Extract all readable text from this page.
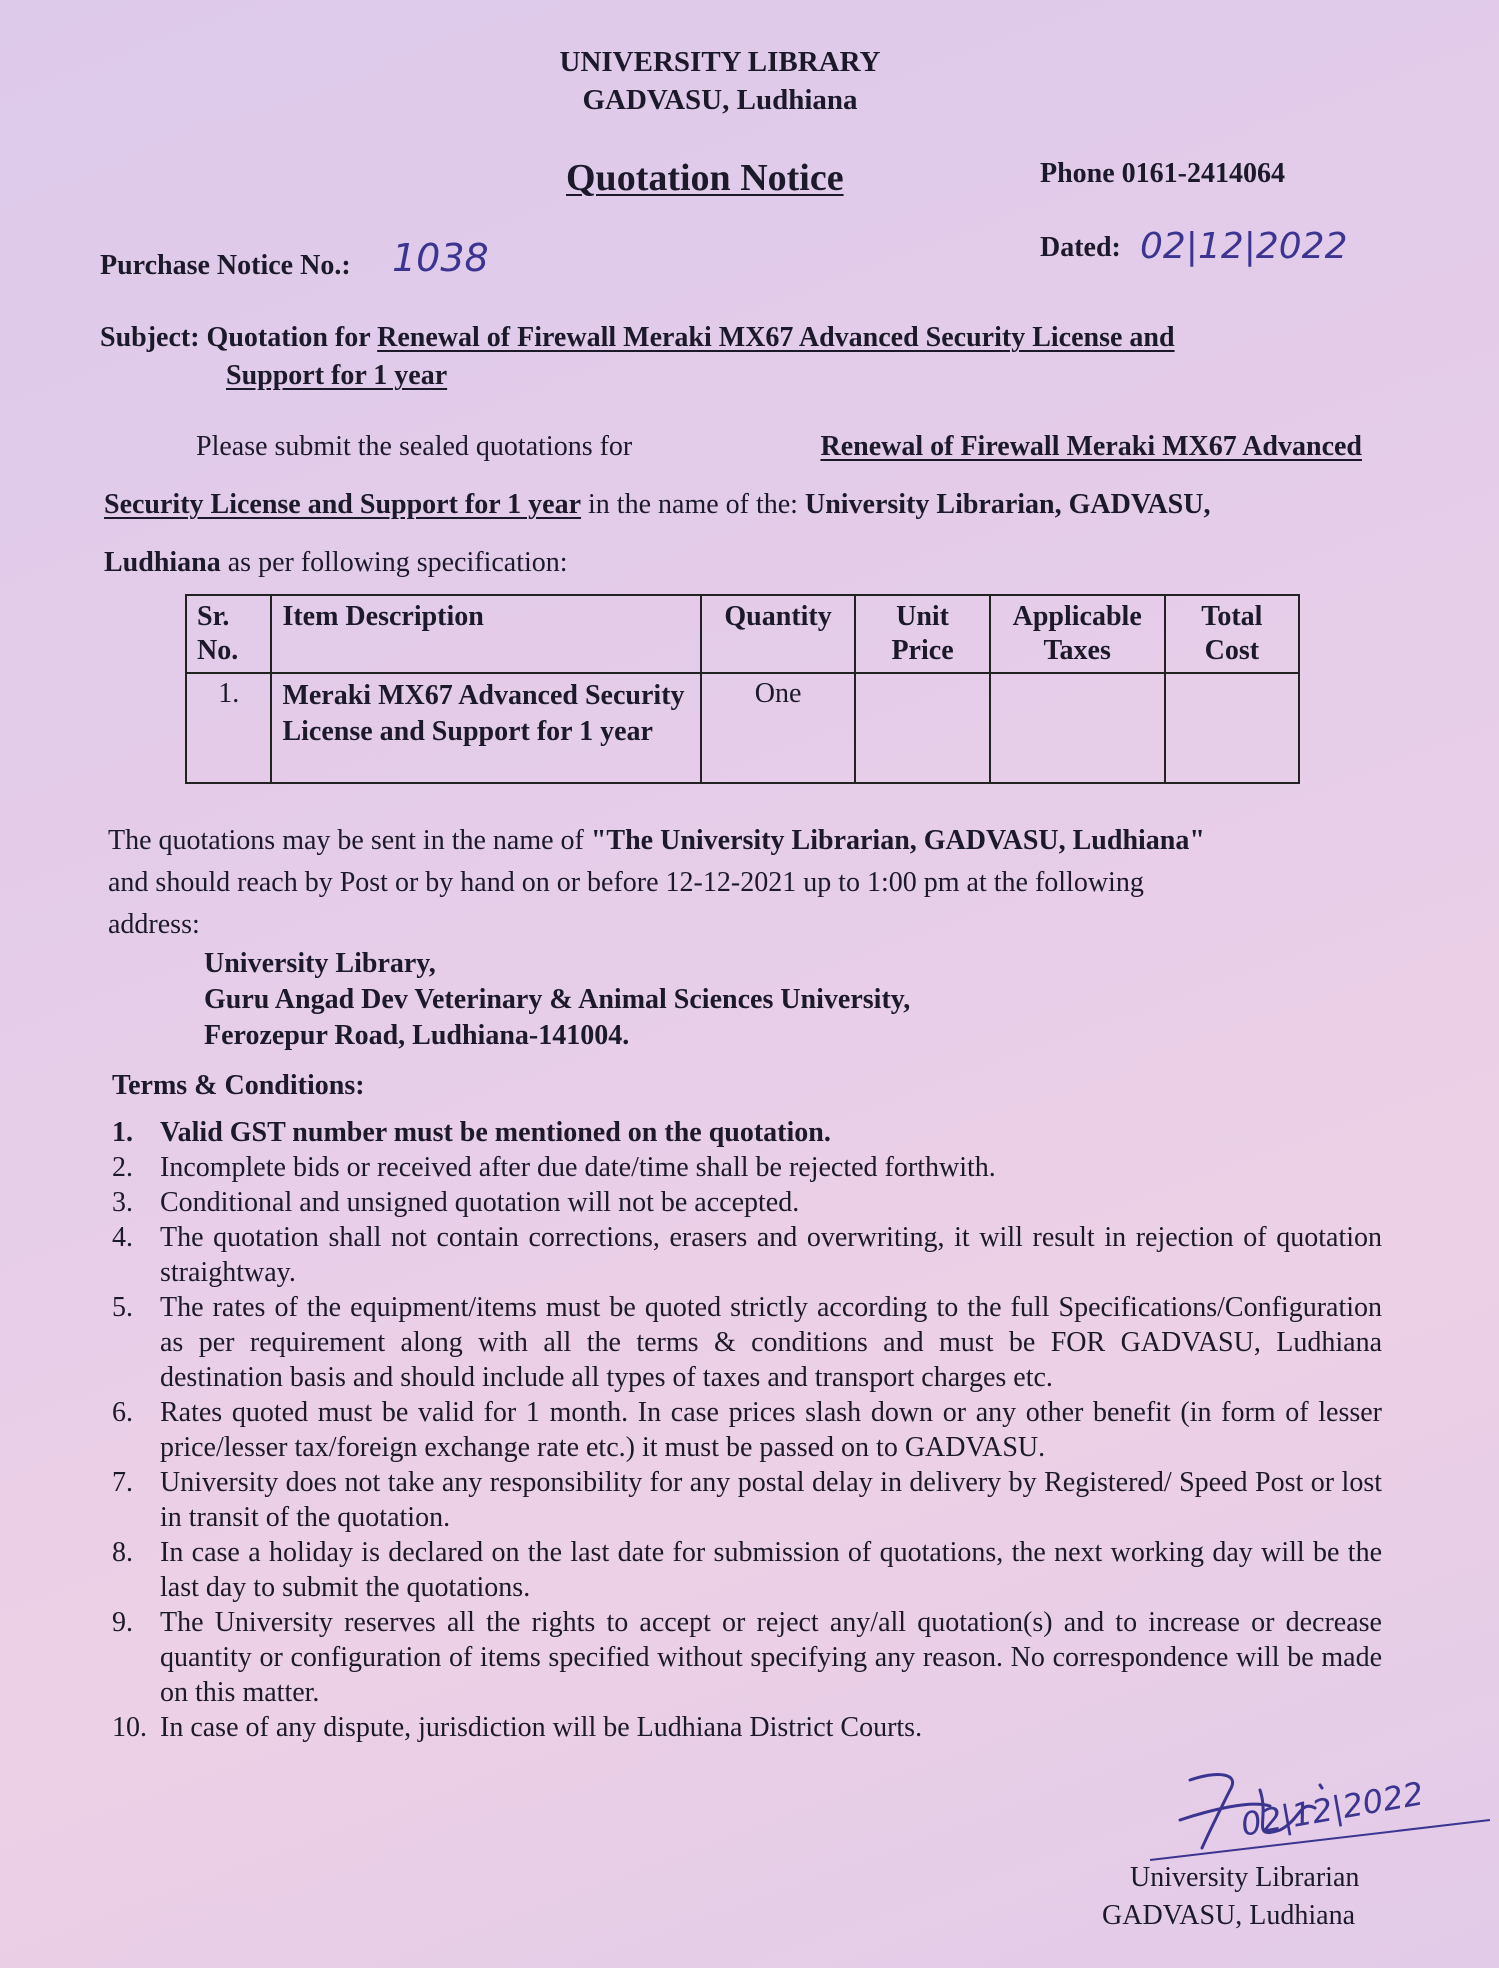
UNIVERSITY LIBRARY
GADVASU, Ludhiana
Quotation Notice	Phone 0161-2414064
Purchase Notice No.: 1038	Dated: 02|12|2022
Subject: Quotation for Renewal of Firewall Meraki MX67 Advanced Security License and
Support for 1 year
Please submit the sealed quotations for	Renewal of Firewall Meraki MX67 Advanced
Security License and Support for 1 year in the name of the: University Librarian, GADVASU,
Ludhiana as per following specification:
Sr. No.	Item Description	Quantity	Unit Price	Applicable Taxes	Total Cost
1.	Meraki MX67 Advanced Security License and Support for 1 year	One			
The quotations may be sent in the name of "The University Librarian, GADVASU, Ludhiana"
and should reach by Post or by hand on or before 12-12-2021 up to 1:00 pm at the following
address:
University Library,
Guru Angad Dev Veterinary & Animal Sciences University,
Ferozepur Road, Ludhiana-141004.
Terms & Conditions:
1. Valid GST number must be mentioned on the quotation.
2. Incomplete bids or received after due date/time shall be rejected forthwith.
3. Conditional and unsigned quotation will not be accepted.
4. The quotation shall not contain corrections, erasers and overwriting, it will result in rejection of quotation straightway.
5. The rates of the equipment/items must be quoted strictly according to the full Specifications/Configuration as per requirement along with all the terms & conditions and must be FOR GADVASU, Ludhiana destination basis and should include all types of taxes and transport charges etc.
6. Rates quoted must be valid for 1 month. In case prices slash down or any other benefit (in form of lesser price/lesser tax/foreign exchange rate etc.) it must be passed on to GADVASU.
7. University does not take any responsibility for any postal delay in delivery by Registered/ Speed Post or lost in transit of the quotation.
8. In case a holiday is declared on the last date for submission of quotations, the next working day will be the last day to submit the quotations.
9. The University reserves all the rights to accept or reject any/all quotation(s) and to increase or decrease quantity or configuration of items specified without specifying any reason. No correspondence will be made on this matter.
10. In case of any dispute, jurisdiction will be Ludhiana District Courts.
02|12|2022
University Librarian
GADVASU, Ludhiana
